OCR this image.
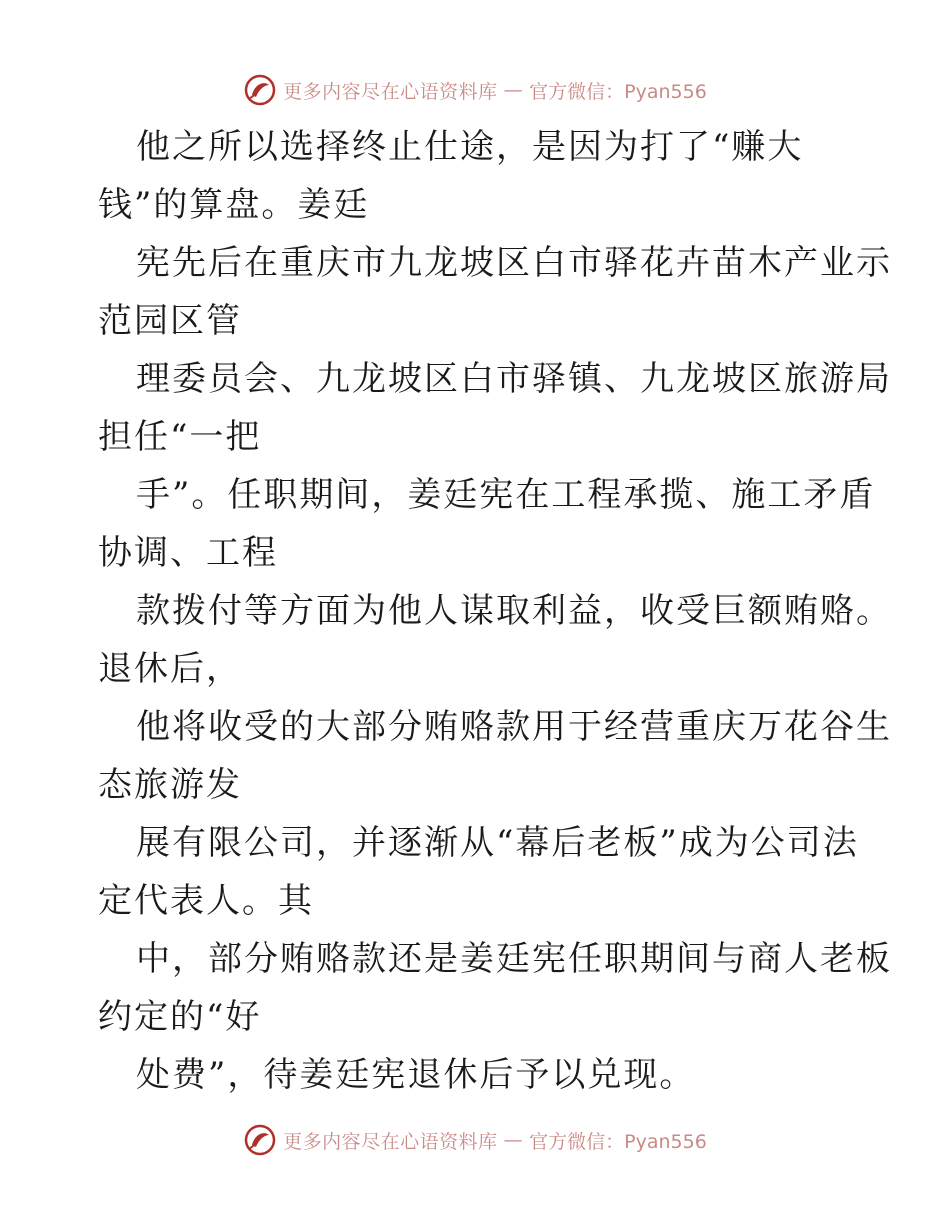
更多内容尽在心语资料库 — 官方微信：Pyan556
他之所以选择终止仕途，是因为打了“赚大
钱”的算盘。姜廷
宪先后在重庆市九龙坡区白市驿花卉苗木产业示
范园区管
理委员会、九龙坡区白市驿镇、九龙坡区旅游局
担任“一把
手”。任职期间，姜廷宪在工程承揽、施工矛盾
协调、工程
款拨付等方面为他人谋取利益，收受巨额贿赂。
退休后，
他将收受的大部分贿赂款用于经营重庆万花谷生
态旅游发
展有限公司，并逐渐从“幕后老板”成为公司法
定代表人。其
中，部分贿赂款还是姜廷宪任职期间与商人老板
约定的“好
处费”，待姜廷宪退休后予以兑现。
更多内容尽在心语资料库 — 官方微信：Pyan556
